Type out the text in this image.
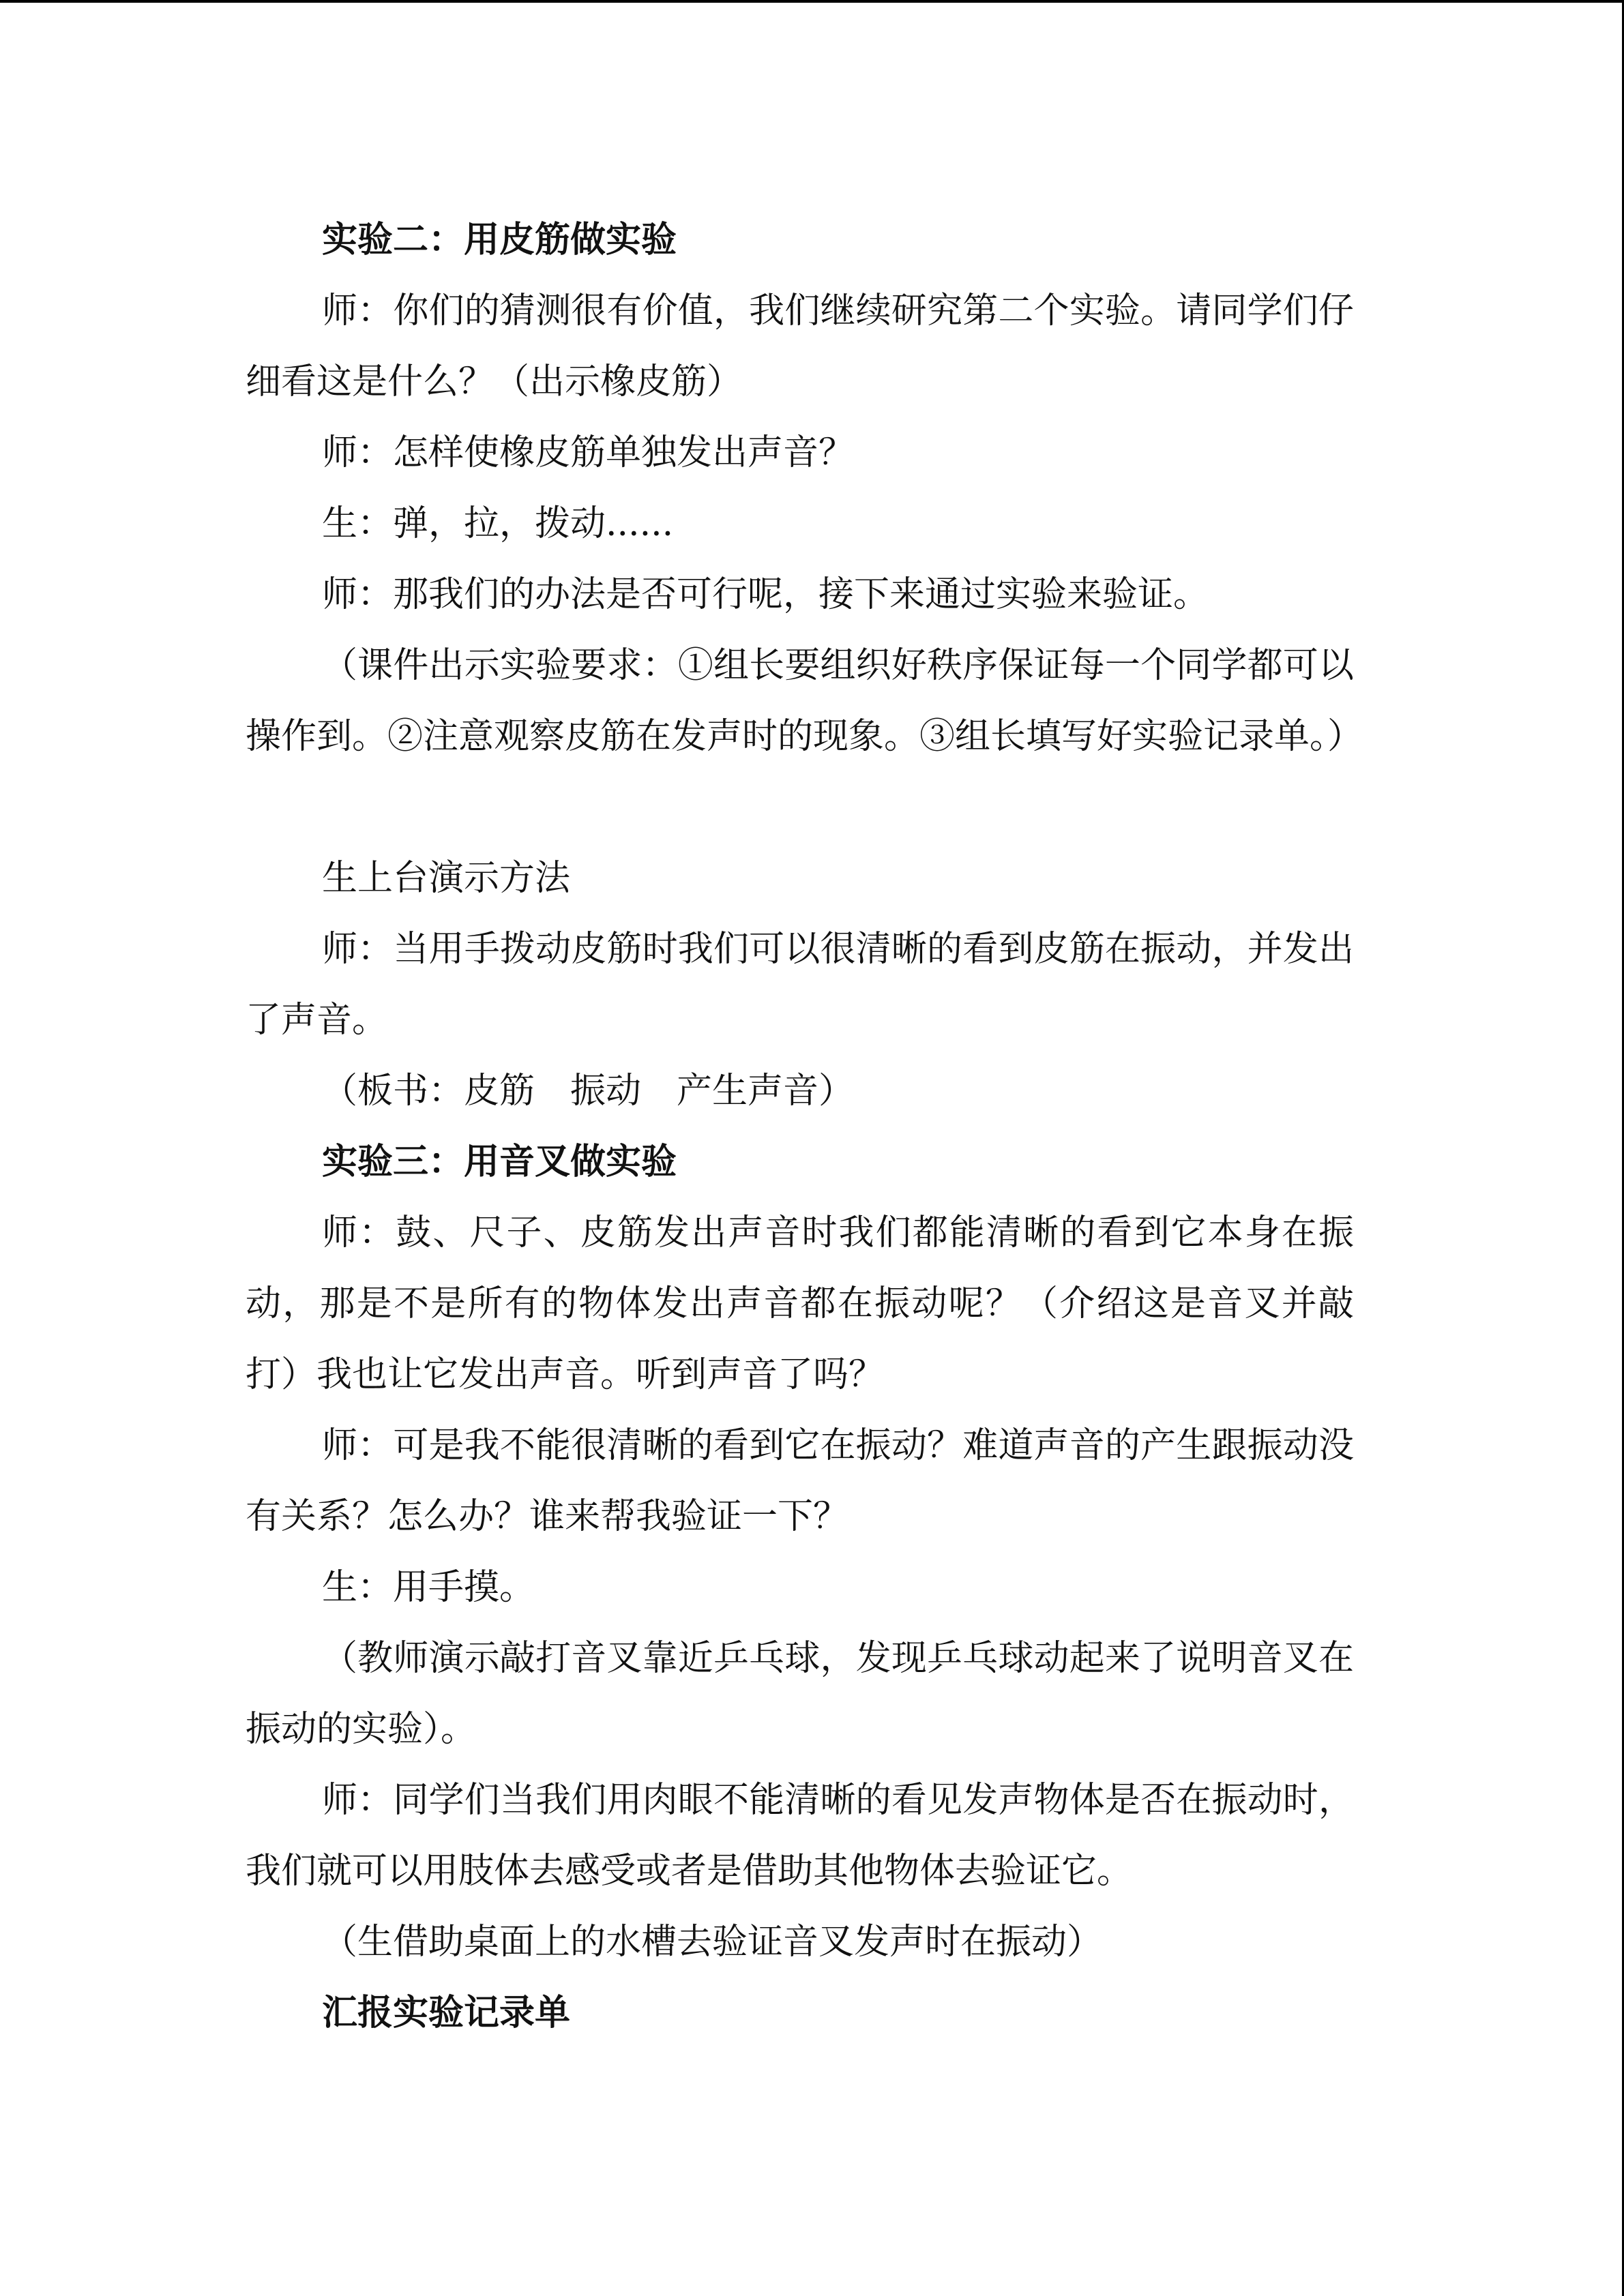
实验二：用皮筋做实验

师：你们的猜测很有价值，我们继续研究第二个实验。请同学们仔细看这是什么？（出示橡皮筋）

师：怎样使橡皮筋单独发出声音？

生：弹，拉，拨动......

师：那我们的办法是否可行呢，接下来通过实验来验证。

（课件出示实验要求：①组长要组织好秩序保证每一个同学都可以操作到。②注意观察皮筋在发声时的现象。③组长填写好实验记录单。）

生上台演示方法

师：当用手拨动皮筋时我们可以很清晰的看到皮筋在振动，并发出了声音。

（板书：皮筋　振动　产生声音）

实验三：用音叉做实验

师：鼓、尺子、皮筋发出声音时我们都能清晰的看到它本身在振动，那是不是所有的物体发出声音都在振动呢？（介绍这是音叉并敲打）我也让它发出声音。听到声音了吗？

师：可是我不能很清晰的看到它在振动？难道声音的产生跟振动没有关系？怎么办？谁来帮我验证一下？

生：用手摸。

（教师演示敲打音叉靠近乒乓球，发现乒乓球动起来了说明音叉在振动的实验）。

师：同学们当我们用肉眼不能清晰的看见发声物体是否在振动时，我们就可以用肢体去感受或者是借助其他物体去验证它。

（生借助桌面上的水槽去验证音叉发声时在振动）

汇报实验记录单
